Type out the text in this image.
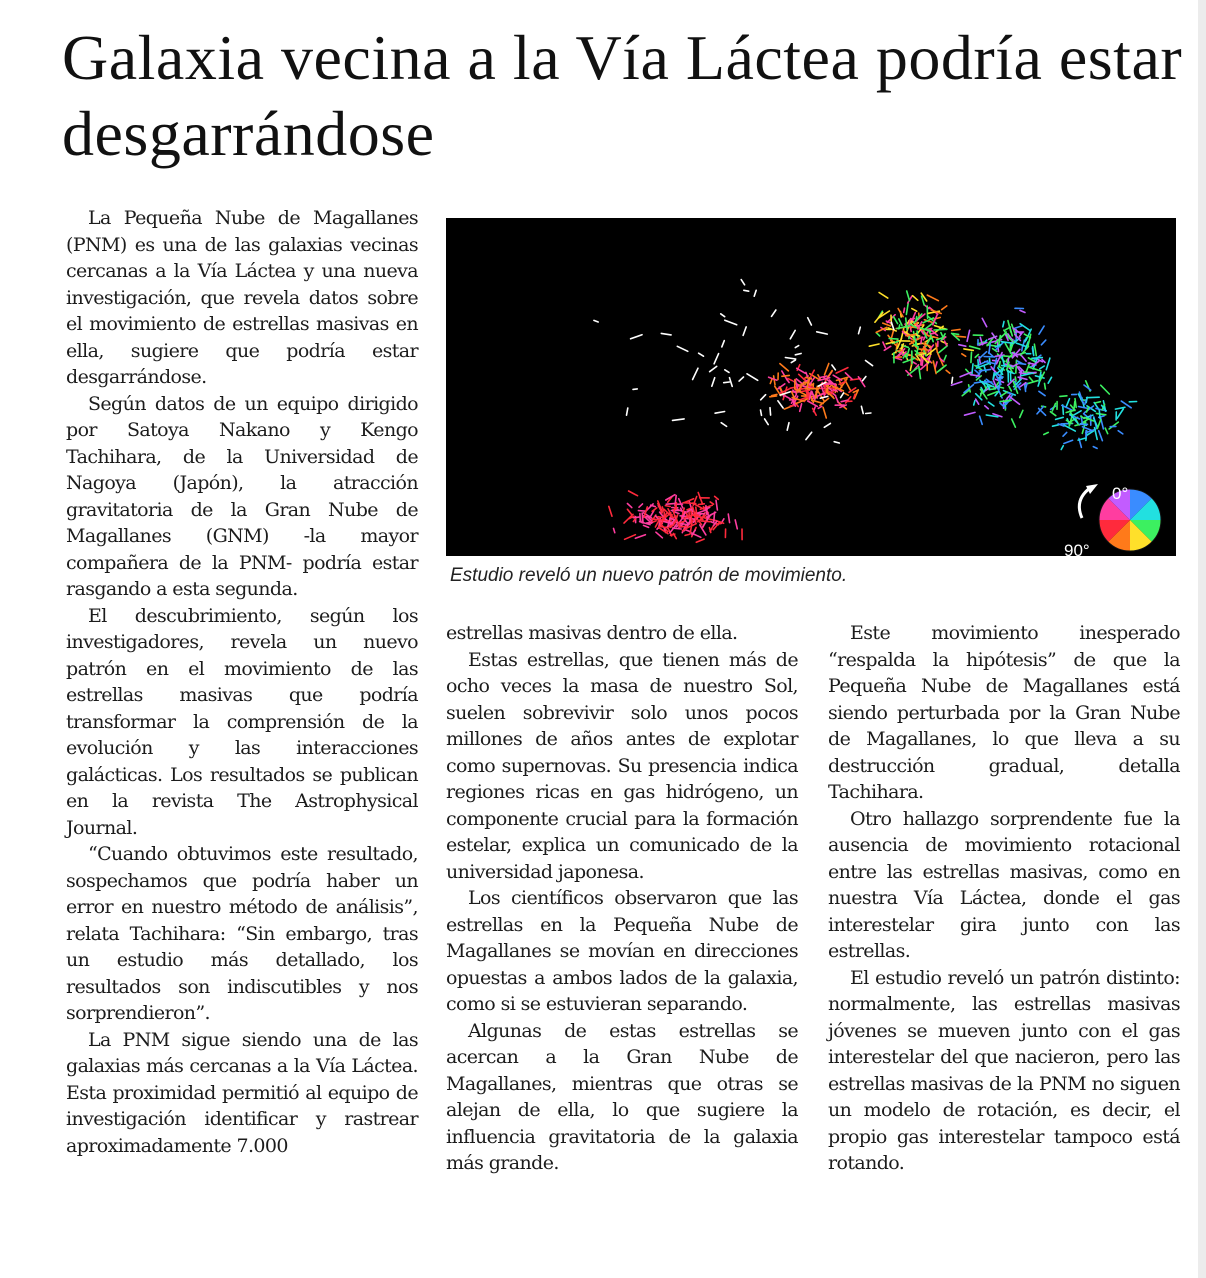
Galaxia vecina a la Vía Láctea podría estar desgarrándose

La Pequeña Nube de Magallanes (PNM) es una de las galaxias vecinas cercanas a la Vía Láctea y una nueva investigación, que revela datos sobre el movimiento de estrellas masivas en ella, sugiere que podría estar desgarrándose.

Según datos de un equipo dirigido por Satoya Nakano y Kengo Tachihara, de la Universidad de Nagoya (Japón), la atracción gravitatoria de la Gran Nube de Magallanes (GNM) -la mayor compañera de la PNM- podría estar rasgando a esta segunda.

El descubrimiento, según los investigadores, revela un nuevo patrón en el movimiento de las estrellas masivas que podría transformar la comprensión de la evolución y las interacciones galácticas. Los resultados se publican en la revista The Astrophysical Journal.

“Cuando obtuvimos este resultado, sospechamos que podría haber un error en nuestro método de análisis”, relata Tachihara: “Sin embargo, tras un estudio más detallado, los resultados son indiscutibles y nos sorprendieron”.

La PNM sigue siendo una de las galaxias más cercanas a la Vía Láctea. Esta proximidad permitió al equipo de investigación identificar y rastrear aproximadamente 7.000

0°
90°

Estudio reveló un nuevo patrón de movimiento.

estrellas masivas dentro de ella.

Estas estrellas, que tienen más de ocho veces la masa de nuestro Sol, suelen sobrevivir solo unos pocos millones de años antes de explotar como supernovas. Su presencia indica regiones ricas en gas hidrógeno, un componente crucial para la formación estelar, explica un comunicado de la universidad japonesa.

Los científicos observaron que las estrellas en la Pequeña Nube de Magallanes se movían en direcciones opuestas a ambos lados de la galaxia, como si se estuvieran separando.

Algunas de estas estrellas se acercan a la Gran Nube de Magallanes, mientras que otras se alejan de ella, lo que sugiere la influencia gravitatoria de la galaxia más grande.

Este movimiento inesperado “respalda la hipótesis” de que la Pequeña Nube de Magallanes está siendo perturbada por la Gran Nube de Magallanes, lo que lleva a su destrucción gradual, detalla Tachihara.

Otro hallazgo sorprendente fue la ausencia de movimiento rotacional entre las estrellas masivas, como en nuestra Vía Láctea, donde el gas interestelar gira junto con las estrellas.

El estudio reveló un patrón distinto: normalmente, las estrellas masivas jóvenes se mueven junto con el gas interestelar del que nacieron, pero las estrellas masivas de la PNM no siguen un modelo de rotación, es decir, el propio gas interestelar tampoco está rotando.
